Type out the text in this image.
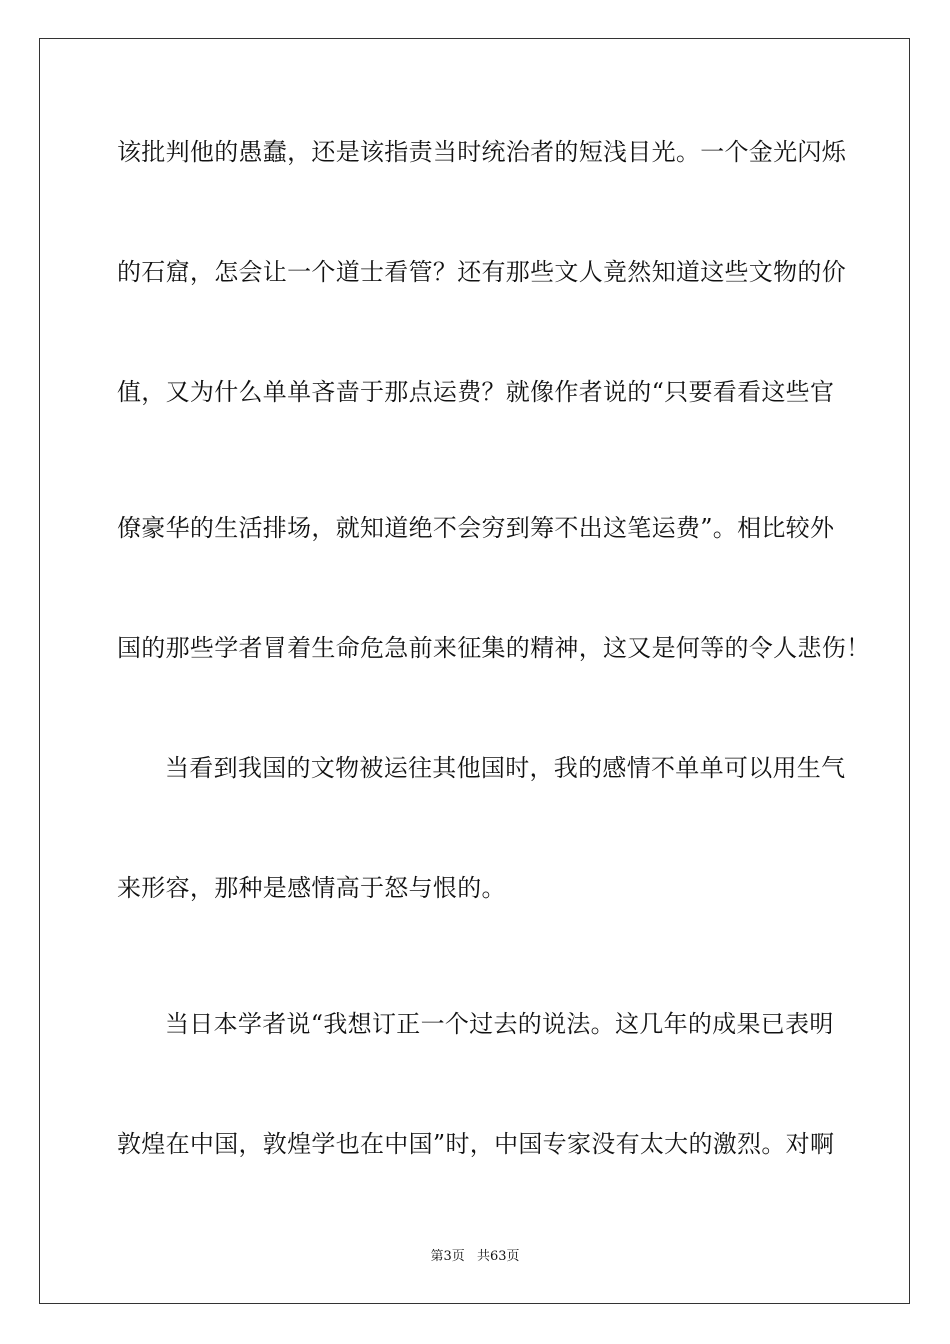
该批判他的愚蠢，还是该指责当时统治者的短浅目光。一个金光闪烁
的石窟，怎会让一个道士看管？还有那些文人竟然知道这些文物的价
值，又为什么单单吝啬于那点运费？就像作者说的“只要看看这些官
僚豪华的生活排场，就知道绝不会穷到筹不出这笔运费”。相比较外
国的那些学者冒着生命危急前来征集的精神，这又是何等的令人悲伤！
当看到我国的文物被运往其他国时，我的感情不单单可以用生气
来形容，那种是感情高于怒与恨的。
当日本学者说“我想订正一个过去的说法。这几年的成果已表明
敦煌在中国，敦煌学也在中国”时，中国专家没有太大的激烈。对啊
第3页 共63页
